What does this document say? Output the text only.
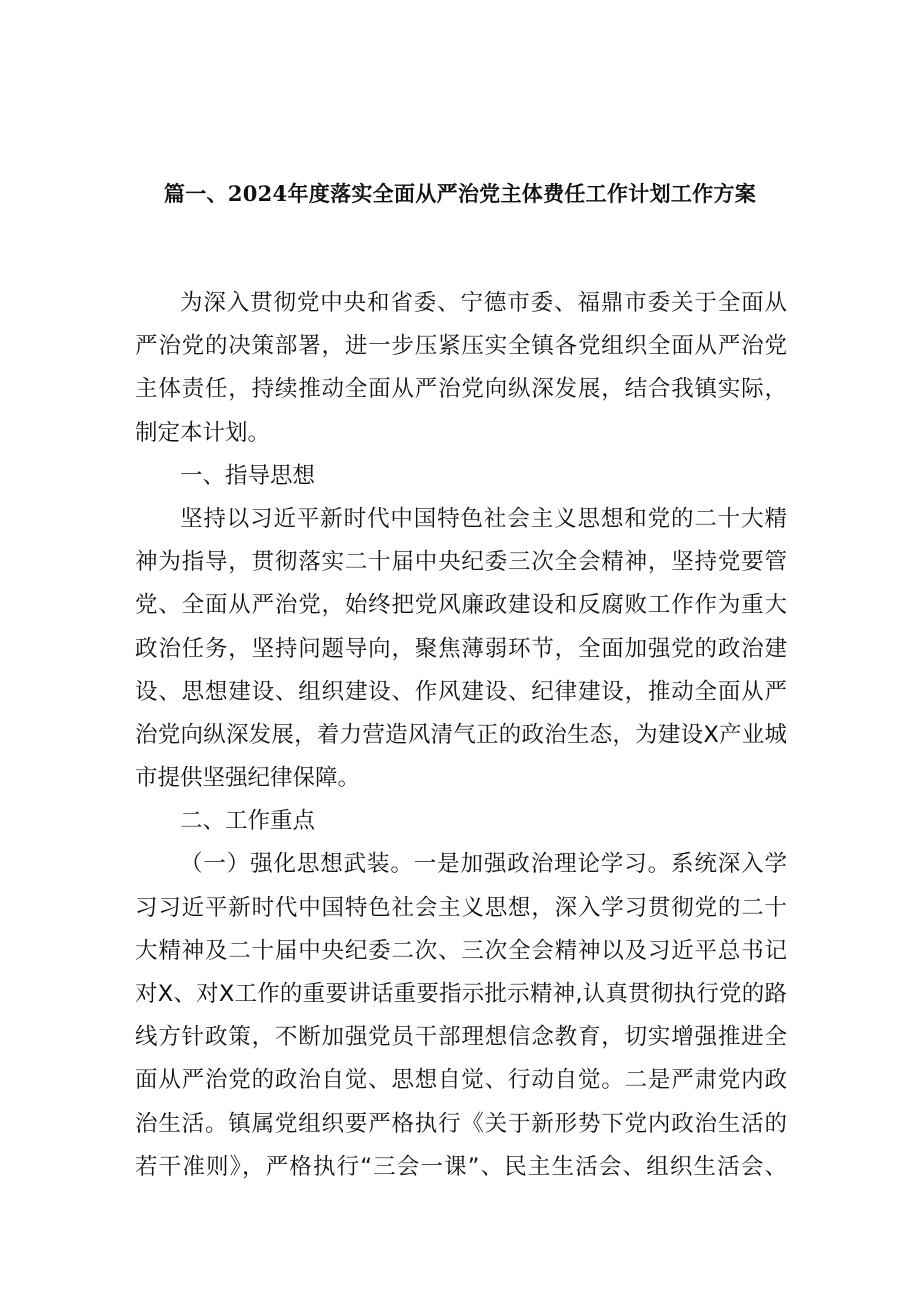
篇一、2024年度落实全面从严治党主体费任工作计划工作方案
为深入贯彻党中央和省委、宁德市委、福鼎市委关于全面从
严治党的决策部署，进一步压紧压实全镇各党组织全面从严治党
主体责任，持续推动全面从严治党向纵深发展，结合我镇实际，
制定本计划。
一、指导思想
坚持以习近平新时代中国特色社会主义思想和党的二十大精
神为指导，贯彻落实二十届中央纪委三次全会精神，坚持党要管
党、全面从严治党，始终把党风廉政建设和反腐败工作作为重大
政治任务，坚持问题导向，聚焦薄弱环节，全面加强党的政治建
设、思想建设、组织建设、作风建设、纪律建设，推动全面从严
治党向纵深发展，着力营造风清气正的政治生态，为建设X产业城
市提供坚强纪律保障。
二、工作重点
（一）强化思想武装。一是加强政治理论学习。系统深入学
习习近平新时代中国特色社会主义思想，深入学习贯彻党的二十
大精神及二十届中央纪委二次、三次全会精神以及习近平总书记
对X、对X工作的重要讲话重要指示批示精神,认真贯彻执行党的路
线方针政策，不断加强党员干部理想信念教育，切实增强推进全
面从严治党的政治自觉、思想自觉、行动自觉。二是严肃党内政
治生活。镇属党组织要严格执行《关于新形势下党内政治生活的
若干准则》，严格执行“三会一课”、民主生活会、组织生活会、
